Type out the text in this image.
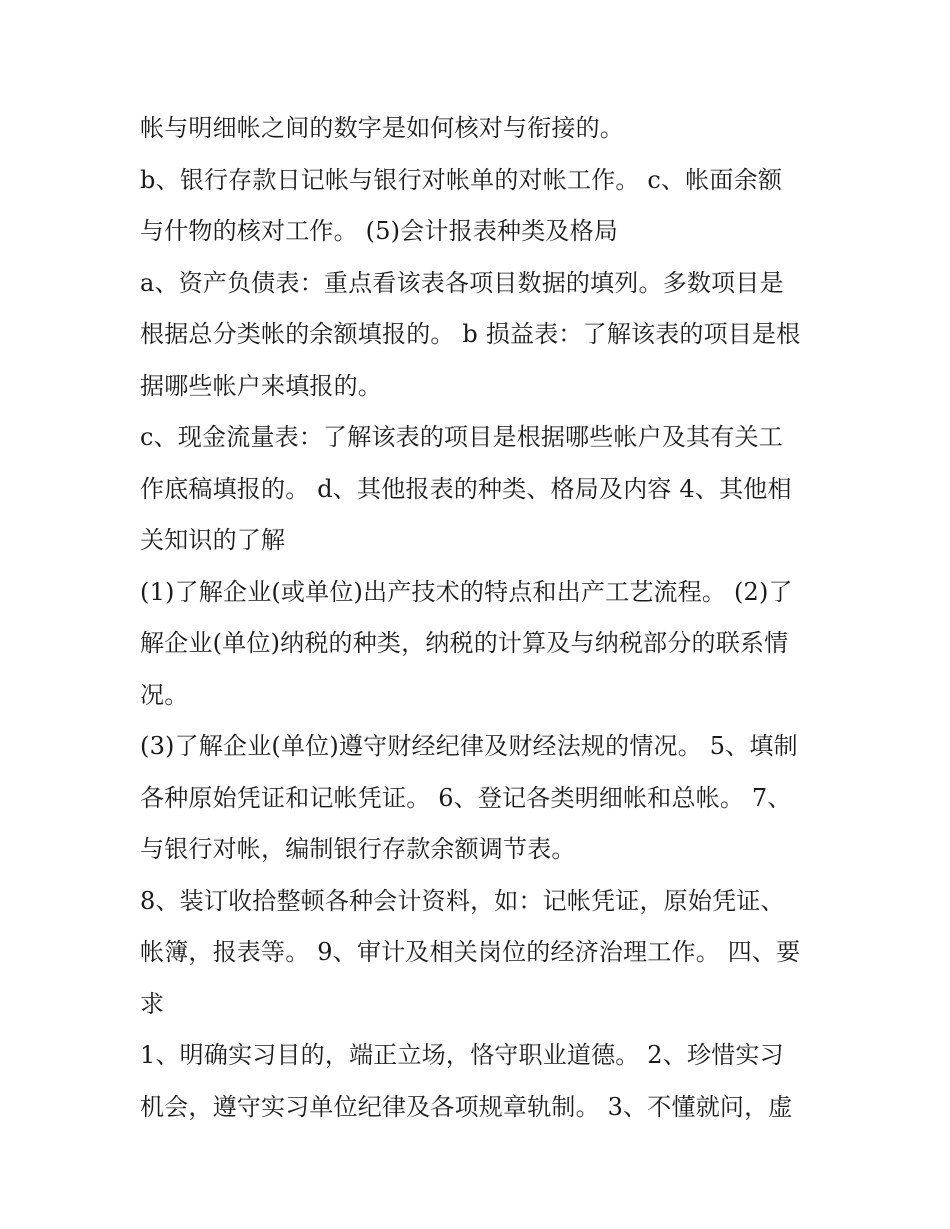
帐与明细帐之间的数字是如何核对与衔接的。
b、银行存款日记帐与银行对帐单的对帐工作。 c、帐面余额
与什物的核对工作。 (5)会计报表种类及格局
a、资产负债表：重点看该表各项目数据的填列。多数项目是
根据总分类帐的余额填报的。 b 损益表：了解该表的项目是根
据哪些帐户来填报的。
c、现金流量表：了解该表的项目是根据哪些帐户及其有关工
作底稿填报的。 d、其他报表的种类、格局及内容 4、其他相
关知识的了解
(1)了解企业(或单位)出产技术的特点和出产工艺流程。 (2)了
解企业(单位)纳税的种类，纳税的计算及与纳税部分的联系情
况。
(3)了解企业(单位)遵守财经纪律及财经法规的情况。 5、填制
各种原始凭证和记帐凭证。 6、登记各类明细帐和总帐。 7、
与银行对帐，编制银行存款余额调节表。
8、装订收拾整顿各种会计资料，如：记帐凭证，原始凭证、
帐簿，报表等。 9、审计及相关岗位的经济治理工作。 四、要
求
1、明确实习目的，端正立场，恪守职业道德。 2、珍惜实习
机会，遵守实习单位纪律及各项规章轨制。 3、不懂就问，虚
